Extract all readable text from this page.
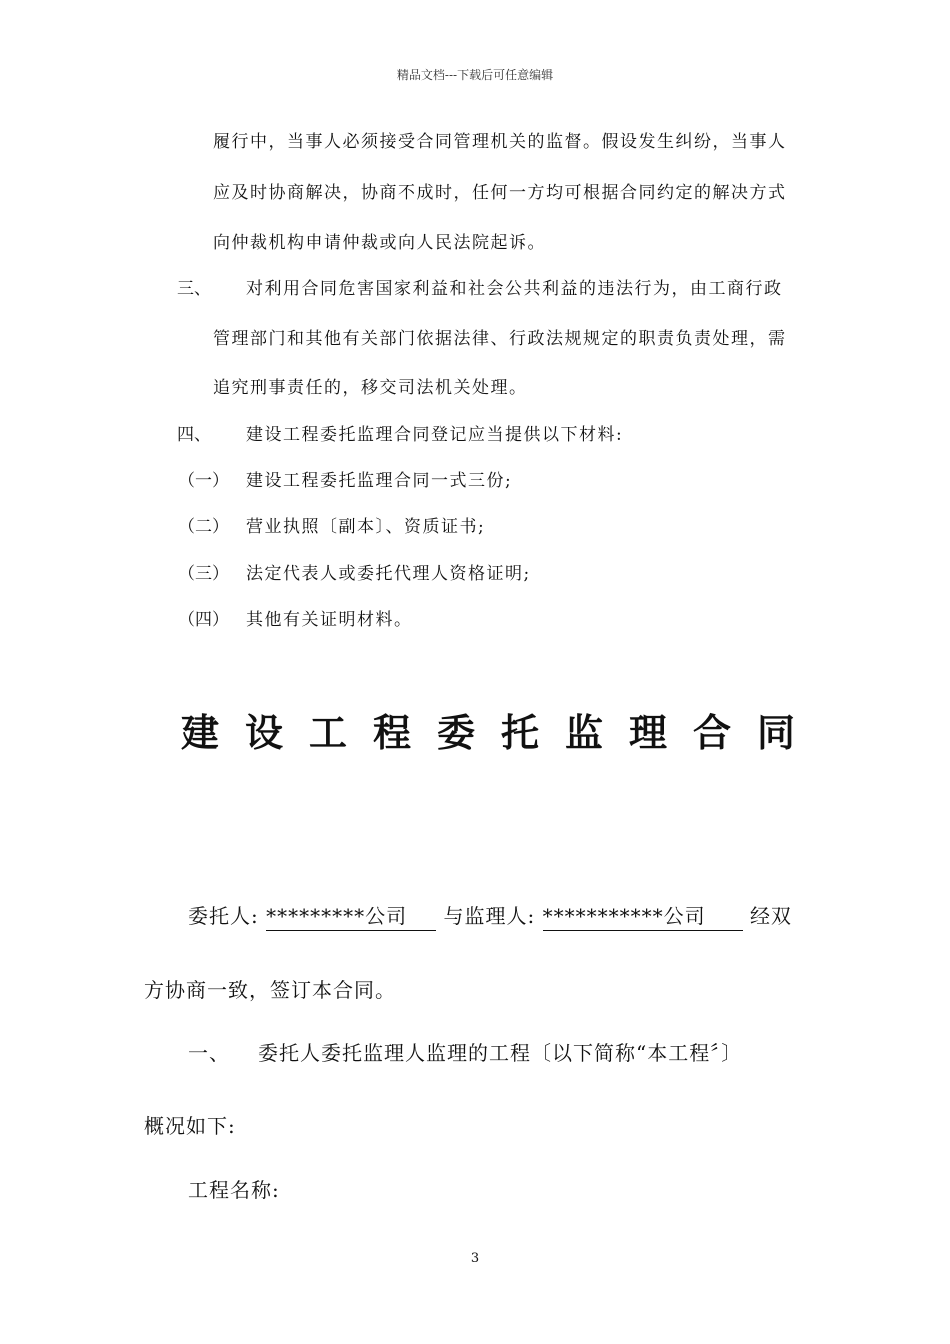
精品文档---下载后可任意编辑
履行中，当事人必须接受合同管理机关的监督。假设发生纠纷，当事人
应及时协商解决，协商不成时，任何一方均可根据合同约定的解决方式
向仲裁机构申请仲裁或向人民法院起诉。
三、 对利用合同危害国家利益和社会公共利益的违法行为，由工商行政
管理部门和其他有关部门依据法律、行政法规规定的职责负责处理，需
追究刑事责任的，移交司法机关处理。
四、 建设工程委托监理合同登记应当提供以下材料:
（一） 建设工程委托监理合同一式三份;
（二） 营业执照〔副本〕、资质证书;
（三） 法定代表人或委托代理人资格证明;
（四） 其他有关证明材料。
建设工程委托监理合同
委托人: *********公司 与监理人: ***********公司 经双
方协商一致，签订本合同。
一、 委托人委托监理人监理的工程〔以下简称“本工程〞〕
概况如下:
工程名称:
3
